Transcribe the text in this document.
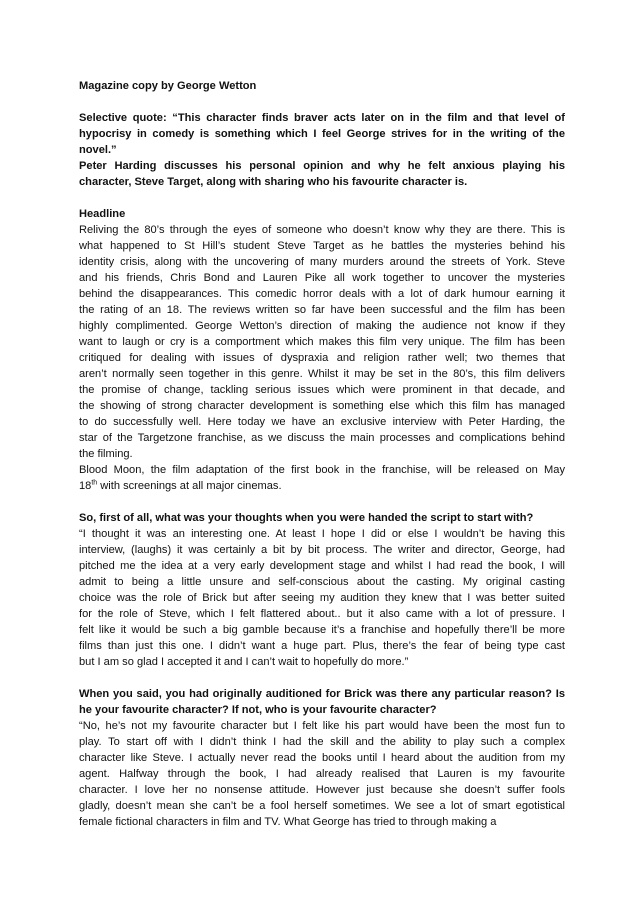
Magazine copy by George Wetton

Selective quote: “This character finds braver acts later on in the film and that level of

hypocrisy in comedy is something which I feel George strives for in the writing of the

novel.”

Peter Harding discusses his personal opinion and why he felt anxious playing his

character, Steve Target, along with sharing who his favourite character is.

Headline

Reliving the 80’s through the eyes of someone who doesn’t know why they are there. This is

what happened to St Hill’s student Steve Target as he battles the mysteries behind his

identity crisis, along with the uncovering of many murders around the streets of York. Steve

and his friends, Chris Bond and Lauren Pike all work together to uncover the mysteries

behind the disappearances. This comedic horror deals with a lot of dark humour earning it

the rating of an 18. The reviews written so far have been successful and the film has been

highly complimented. George Wetton’s direction of making the audience not know if they

want to laugh or cry is a comportment which makes this film very unique. The film has been

critiqued for dealing with issues of dyspraxia and religion rather well; two themes that

aren’t normally seen together in this genre. Whilst it may be set in the 80’s, this film delivers

the promise of change, tackling serious issues which were prominent in that decade, and

the showing of strong character development is something else which this film has managed

to do successfully well. Here today we have an exclusive interview with Peter Harding, the

star of the Targetzone franchise, as we discuss the main processes and complications behind

the filming.

Blood Moon, the film adaptation of the first book in the franchise, will be released on May

18th with screenings at all major cinemas.

So, first of all, what was your thoughts when you were handed the script to start with?

“I thought it was an interesting one. At least I hope I did or else I wouldn’t be having this

interview, (laughs) it was certainly a bit by bit process. The writer and director, George, had

pitched me the idea at a very early development stage and whilst I had read the book, I will

admit to being a little unsure and self-conscious about the casting. My original casting

choice was the role of Brick but after seeing my audition they knew that I was better suited

for the role of Steve, which I felt flattered about.. but it also came with a lot of pressure. I

felt like it would be such a big gamble because it’s a franchise and hopefully there’ll be more

films than just this one. I didn’t want a huge part. Plus, there’s the fear of being type cast

but I am so glad I accepted it and I can’t wait to hopefully do more.”

When you said, you had originally auditioned for Brick was there any particular reason? Is

he your favourite character? If not, who is your favourite character?

“No, he’s not my favourite character but I felt like his part would have been the most fun to

play. To start off with I didn’t think I had the skill and the ability to play such a complex

character like Steve. I actually never read the books until I heard about the audition from my

agent. Halfway through the book, I had already realised that Lauren is my favourite

character. I love her no nonsense attitude. However just because she doesn’t suffer fools

gladly, doesn’t mean she can’t be a fool herself sometimes. We see a lot of smart egotistical

female fictional characters in film and TV. What George has tried to through making a
